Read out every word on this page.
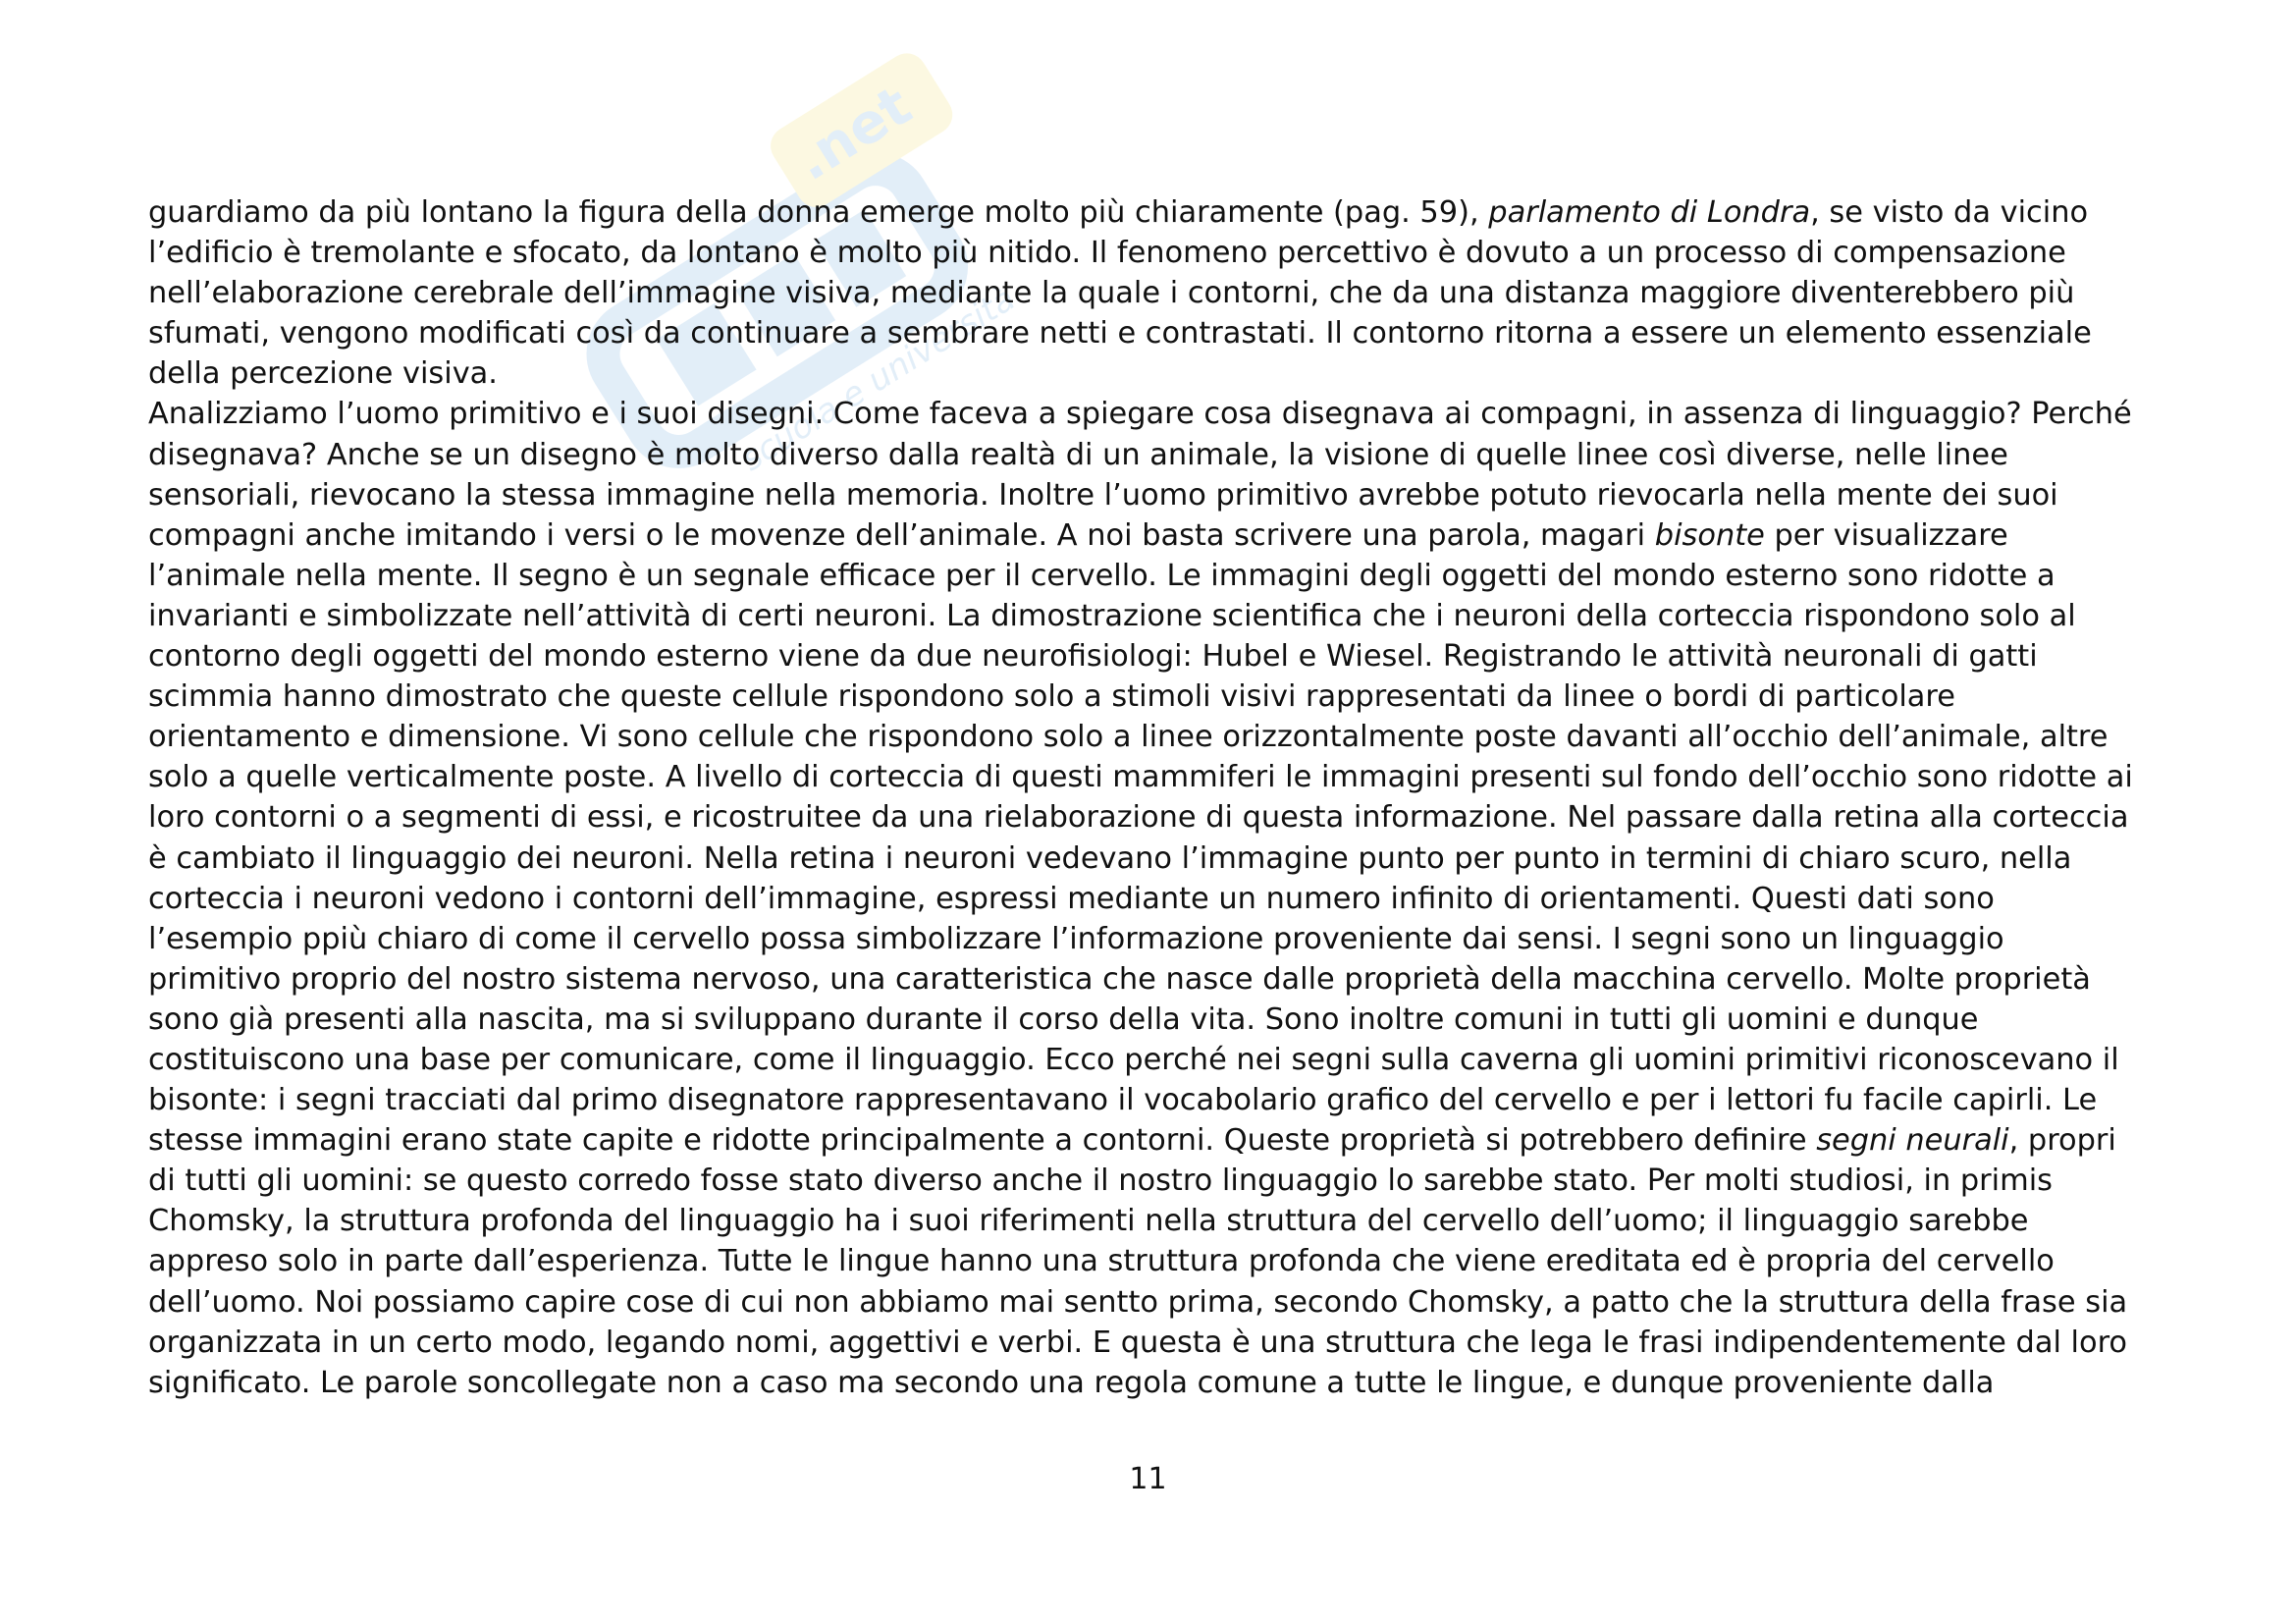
.net
scuola e università
guardiamo da più lontano la figura della donna emerge molto più chiaramente (pag. 59), parlamento di Londra, se visto da vicino
l’edificio è tremolante e sfocato, da lontano è molto più nitido. Il fenomeno percettivo è dovuto a un processo di compensazione
nell’elaborazione cerebrale dell’immagine visiva, mediante la quale i contorni, che da una distanza maggiore diventerebbero più
sfumati, vengono modificati così da continuare a sembrare netti e contrastati. Il contorno ritorna a essere un elemento essenziale
della percezione visiva.
Analizziamo l’uomo primitivo e i suoi disegni. Come faceva a spiegare cosa disegnava ai compagni, in assenza di linguaggio? Perché
disegnava? Anche se un disegno è molto diverso dalla realtà di un animale, la visione di quelle linee così diverse, nelle linee
sensoriali, rievocano la stessa immagine nella memoria. Inoltre l’uomo primitivo avrebbe potuto rievocarla nella mente dei suoi
compagni anche imitando i versi o le movenze dell’animale. A noi basta scrivere una parola, magari bisonte per visualizzare
l’animale nella mente. Il segno è un segnale efficace per il cervello. Le immagini degli oggetti del mondo esterno sono ridotte a
invarianti e simbolizzate nell’attività di certi neuroni. La dimostrazione scientifica che i neuroni della corteccia rispondono solo al
contorno degli oggetti del mondo esterno viene da due neurofisiologi: Hubel e Wiesel. Registrando le attività neuronali di gatti
scimmia hanno dimostrato che queste cellule rispondono solo a stimoli visivi rappresentati da linee o bordi di particolare
orientamento e dimensione. Vi sono cellule che rispondono solo a linee orizzontalmente poste davanti all’occhio dell’animale, altre
solo a quelle verticalmente poste. A livello di corteccia di questi mammiferi le immagini presenti sul fondo dell’occhio sono ridotte ai
loro contorni o a segmenti di essi, e ricostruitee da una rielaborazione di questa informazione. Nel passare dalla retina alla corteccia
è cambiato il linguaggio dei neuroni. Nella retina i neuroni vedevano l’immagine punto per punto in termini di chiaro scuro, nella
corteccia i neuroni vedono i contorni dell’immagine, espressi mediante un numero infinito di orientamenti. Questi dati sono
l’esempio ppiù chiaro di come il cervello possa simbolizzare l’informazione proveniente dai sensi. I segni sono un linguaggio
primitivo proprio del nostro sistema nervoso, una caratteristica che nasce dalle proprietà della macchina cervello. Molte proprietà
sono già presenti alla nascita, ma si sviluppano durante il corso della vita. Sono inoltre comuni in tutti gli uomini e dunque
costituiscono una base per comunicare, come il linguaggio. Ecco perché nei segni sulla caverna gli uomini primitivi riconoscevano il
bisonte: i segni tracciati dal primo disegnatore rappresentavano il vocabolario grafico del cervello e per i lettori fu facile capirli. Le
stesse immagini erano state capite e ridotte principalmente a contorni. Queste proprietà si potrebbero definire segni neurali, propri
di tutti gli uomini: se questo corredo fosse stato diverso anche il nostro linguaggio lo sarebbe stato. Per molti studiosi, in primis
Chomsky, la struttura profonda del linguaggio ha i suoi riferimenti nella struttura del cervello dell’uomo; il linguaggio sarebbe
appreso solo in parte dall’esperienza. Tutte le lingue hanno una struttura profonda che viene ereditata ed è propria del cervello
dell’uomo. Noi possiamo capire cose di cui non abbiamo mai sentto prima, secondo Chomsky, a patto che la struttura della frase sia
organizzata in un certo modo, legando nomi, aggettivi e verbi. E questa è una struttura che lega le frasi indipendentemente dal loro
significato. Le parole soncollegate non a caso ma secondo una regola comune a tutte le lingue, e dunque proveniente dalla
11
